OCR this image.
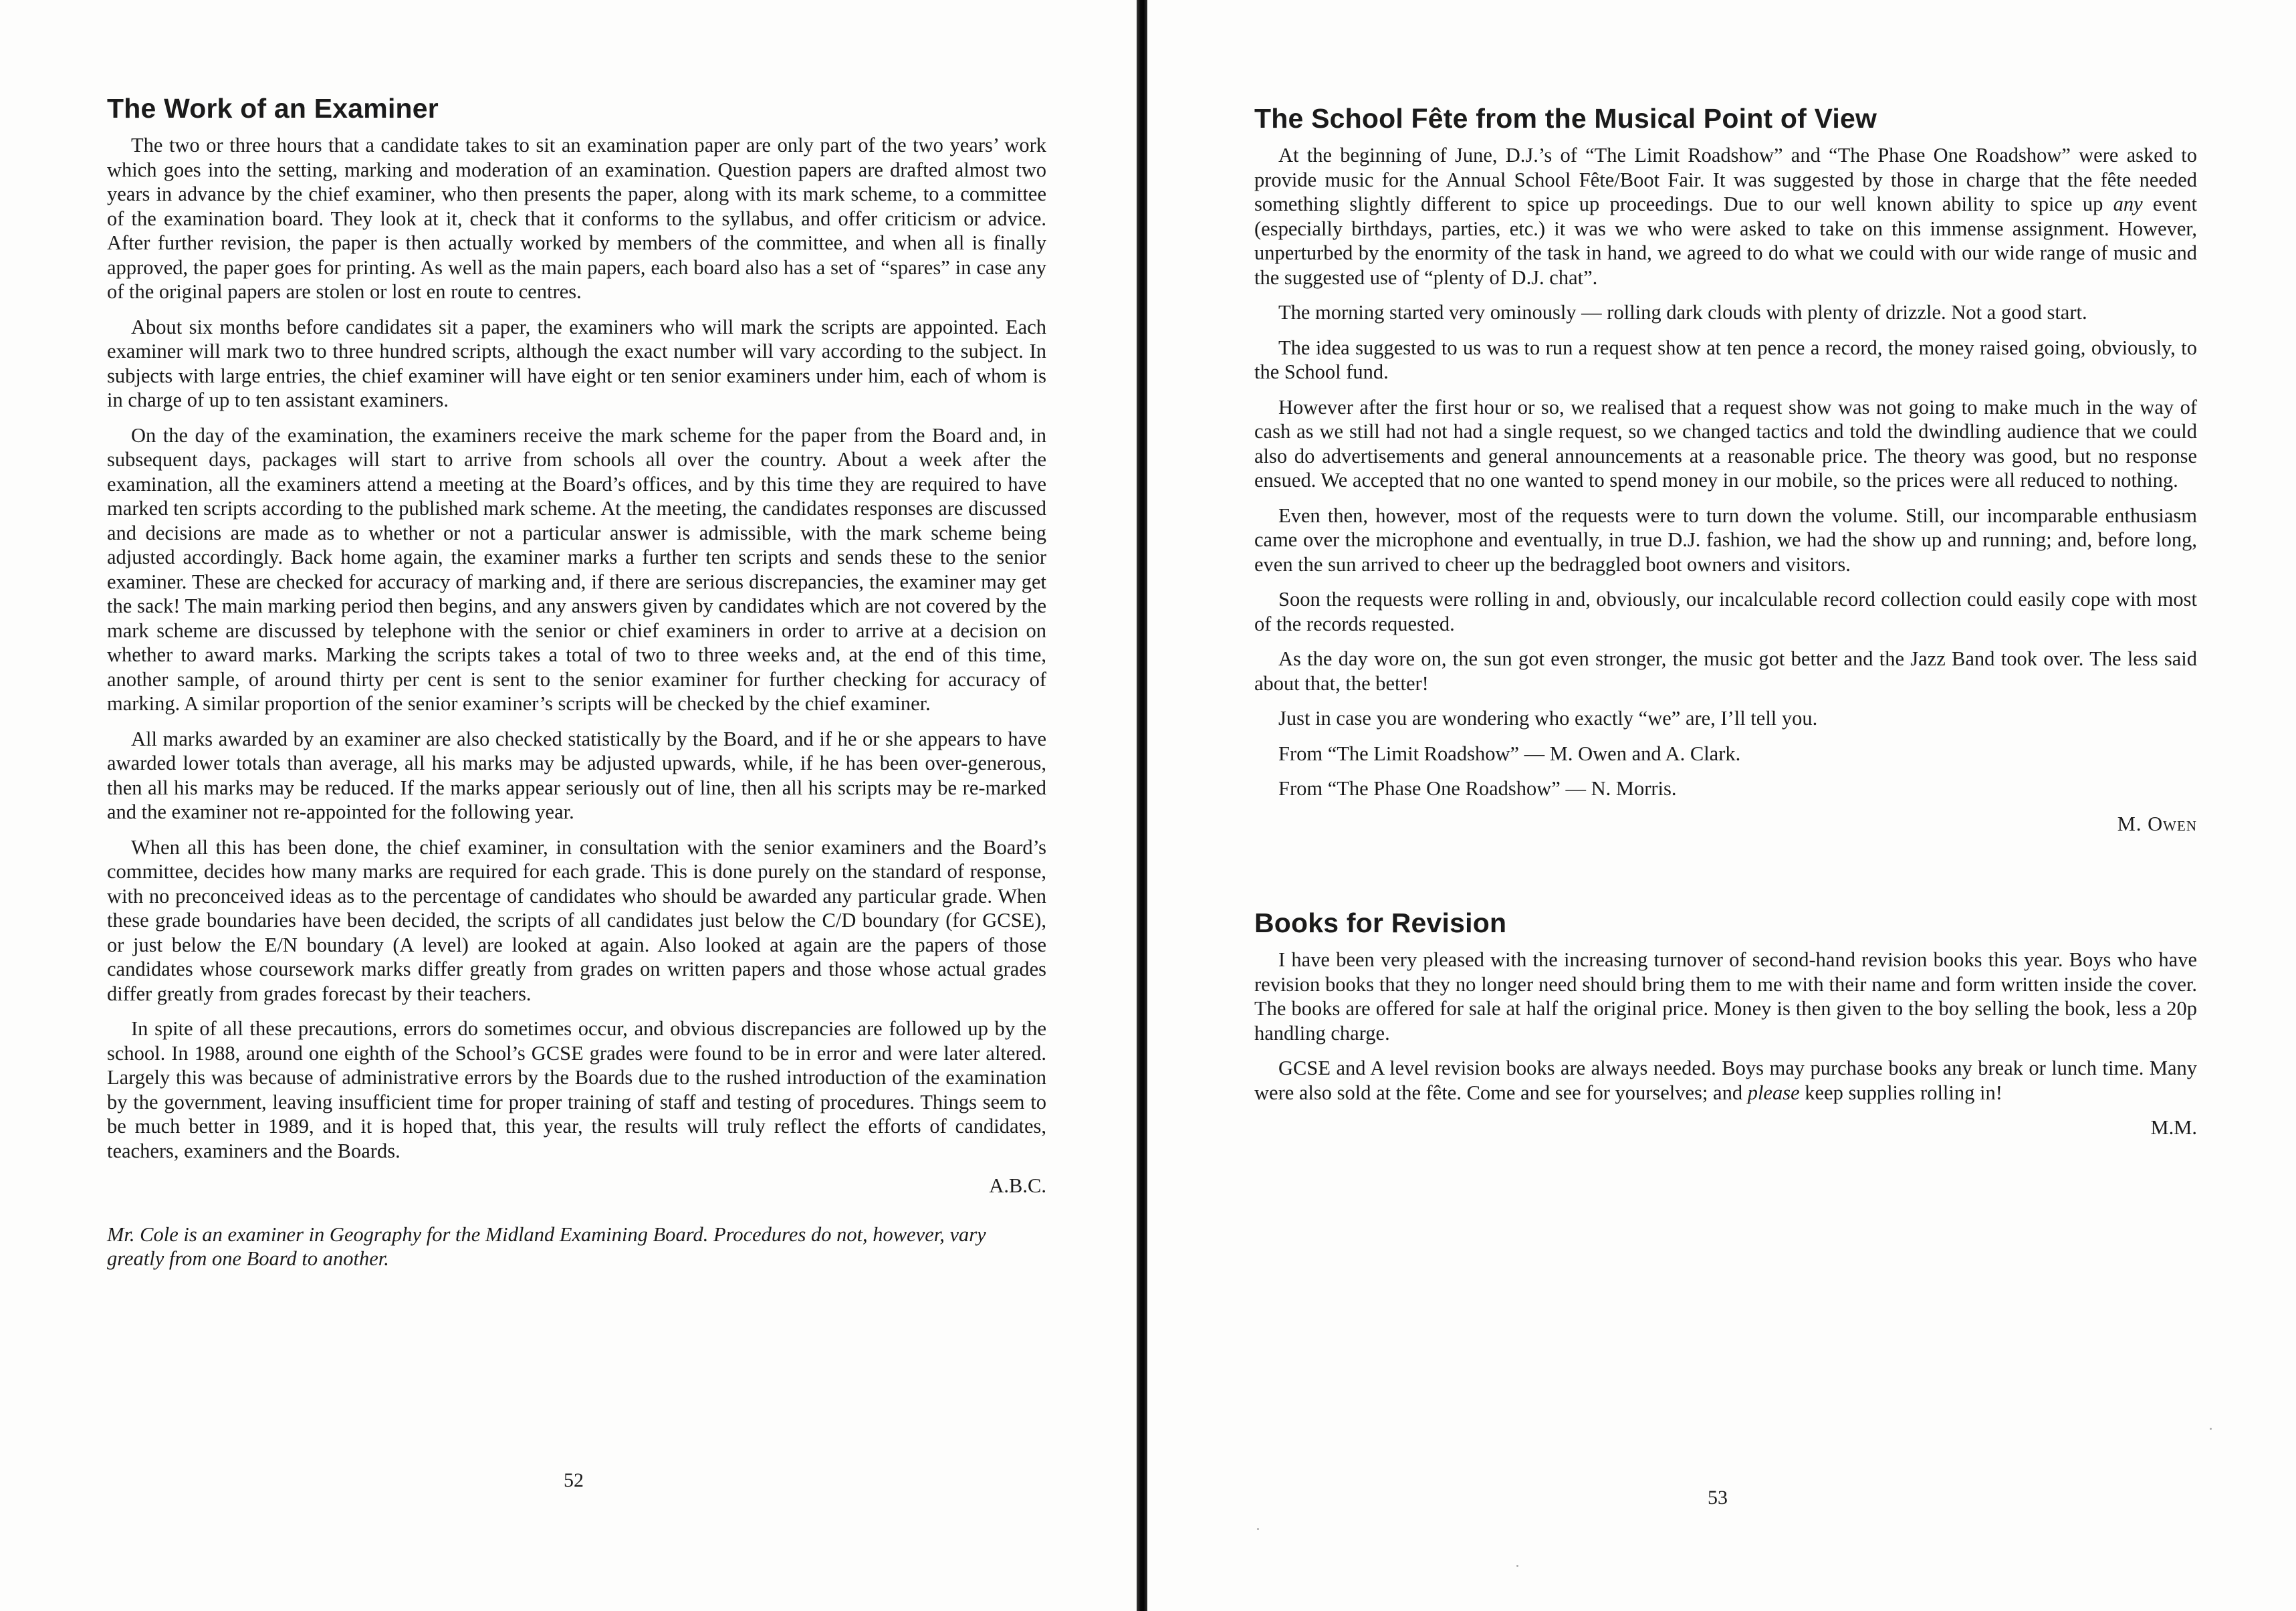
The Work of an Examiner

The two or three hours that a candidate takes to sit an examination paper are only part of the two years’ work which goes into the setting, marking and moderation of an examination. Question papers are drafted almost two years in advance by the chief examiner, who then presents the paper, along with its mark scheme, to a committee of the examination board. They look at it, check that it conforms to the syllabus, and offer criticism or advice. After further revision, the paper is then actually worked by members of the committee, and when all is finally approved, the paper goes for printing. As well as the main papers, each board also has a set of “spares” in case any of the original papers are stolen or lost en route to centres.

About six months before candidates sit a paper, the examiners who will mark the scripts are appointed. Each examiner will mark two to three hundred scripts, although the exact number will vary according to the subject. In subjects with large entries, the chief examiner will have eight or ten senior examiners under him, each of whom is in charge of up to ten assistant examiners.

On the day of the examination, the examiners receive the mark scheme for the paper from the Board and, in subsequent days, packages will start to arrive from schools all over the country. About a week after the examination, all the examiners attend a meeting at the Board’s offices, and by this time they are required to have marked ten scripts according to the published mark scheme. At the meeting, the candidates responses are discussed and decisions are made as to whether or not a particular answer is admissible, with the mark scheme being adjusted accordingly. Back home again, the examiner marks a further ten scripts and sends these to the senior examiner. These are checked for accuracy of marking and, if there are serious discrepancies, the examiner may get the sack! The main marking period then begins, and any answers given by candidates which are not covered by the mark scheme are discussed by telephone with the senior or chief examiners in order to arrive at a decision on whether to award marks. Marking the scripts takes a total of two to three weeks and, at the end of this time, another sample, of around thirty per cent is sent to the senior examiner for further checking for accuracy of marking. A similar proportion of the senior examiner’s scripts will be checked by the chief examiner.

All marks awarded by an examiner are also checked statistically by the Board, and if he or she appears to have awarded lower totals than average, all his marks may be adjusted upwards, while, if he has been over-generous, then all his marks may be reduced. If the marks appear seriously out of line, then all his scripts may be re-marked and the examiner not re-appointed for the following year.

When all this has been done, the chief examiner, in consultation with the senior examiners and the Board’s committee, decides how many marks are required for each grade. This is done purely on the standard of response, with no preconceived ideas as to the percentage of candidates who should be awarded any particular grade. When these grade boundaries have been decided, the scripts of all candidates just below the C/D boundary (for GCSE), or just below the E/N boundary (A level) are looked at again. Also looked at again are the papers of those candidates whose coursework marks differ greatly from grades on written papers and those whose actual grades differ greatly from grades forecast by their teachers.

In spite of all these precautions, errors do sometimes occur, and obvious discrepancies are followed up by the school. In 1988, around one eighth of the School’s GCSE grades were found to be in error and were later altered. Largely this was because of administrative errors by the Boards due to the rushed introduction of the examination by the government, leaving insufficient time for proper training of staff and testing of procedures. Things seem to be much better in 1989, and it is hoped that, this year, the results will truly reflect the efforts of candidates, teachers, examiners and the Boards.

A.B.C.
Mr. Cole is an examiner in Geography for the Midland Examining Board. Procedures do not, however, vary greatly from one Board to another.
52
The School Fête from the Musical Point of View

At the beginning of June, D.J.’s of “The Limit Roadshow” and “The Phase One Roadshow” were asked to provide music for the Annual School Fête/Boot Fair. It was suggested by those in charge that the fête needed something slightly different to spice up proceedings. Due to our well known ability to spice up any event (especially birthdays, parties, etc.) it was we who were asked to take on this immense assignment. However, unperturbed by the enormity of the task in hand, we agreed to do what we could with our wide range of music and the suggested use of “plenty of D.J. chat”.

The morning started very ominously — rolling dark clouds with plenty of drizzle. Not a good start.

The idea suggested to us was to run a request show at ten pence a record, the money raised going, obviously, to the School fund.

However after the first hour or so, we realised that a request show was not going to make much in the way of cash as we still had not had a single request, so we changed tactics and told the dwindling audience that we could also do advertisements and general announcements at a reasonable price. The theory was good, but no response ensued. We accepted that no one wanted to spend money in our mobile, so the prices were all reduced to nothing.

Even then, however, most of the requests were to turn down the volume. Still, our incomparable enthusiasm came over the microphone and eventually, in true D.J. fashion, we had the show up and running; and, before long, even the sun arrived to cheer up the bedraggled boot owners and visitors.

Soon the requests were rolling in and, obviously, our incalculable record collection could easily cope with most of the records requested.

As the day wore on, the sun got even stronger, the music got better and the Jazz Band took over. The less said about that, the better!

Just in case you are wondering who exactly “we” are, I’ll tell you.

From “The Limit Roadshow” — M. Owen and A. Clark.

From “The Phase One Roadshow” — N. Morris.

M. Owen
Books for Revision

I have been very pleased with the increasing turnover of second-hand revision books this year. Boys who have revision books that they no longer need should bring them to me with their name and form written inside the cover. The books are offered for sale at half the original price. Money is then given to the boy selling the book, less a 20p handling charge.

GCSE and A level revision books are always needed. Boys may purchase books any break or lunch time. Many were also sold at the fête. Come and see for yourselves; and please keep supplies rolling in!

M.M.
53
